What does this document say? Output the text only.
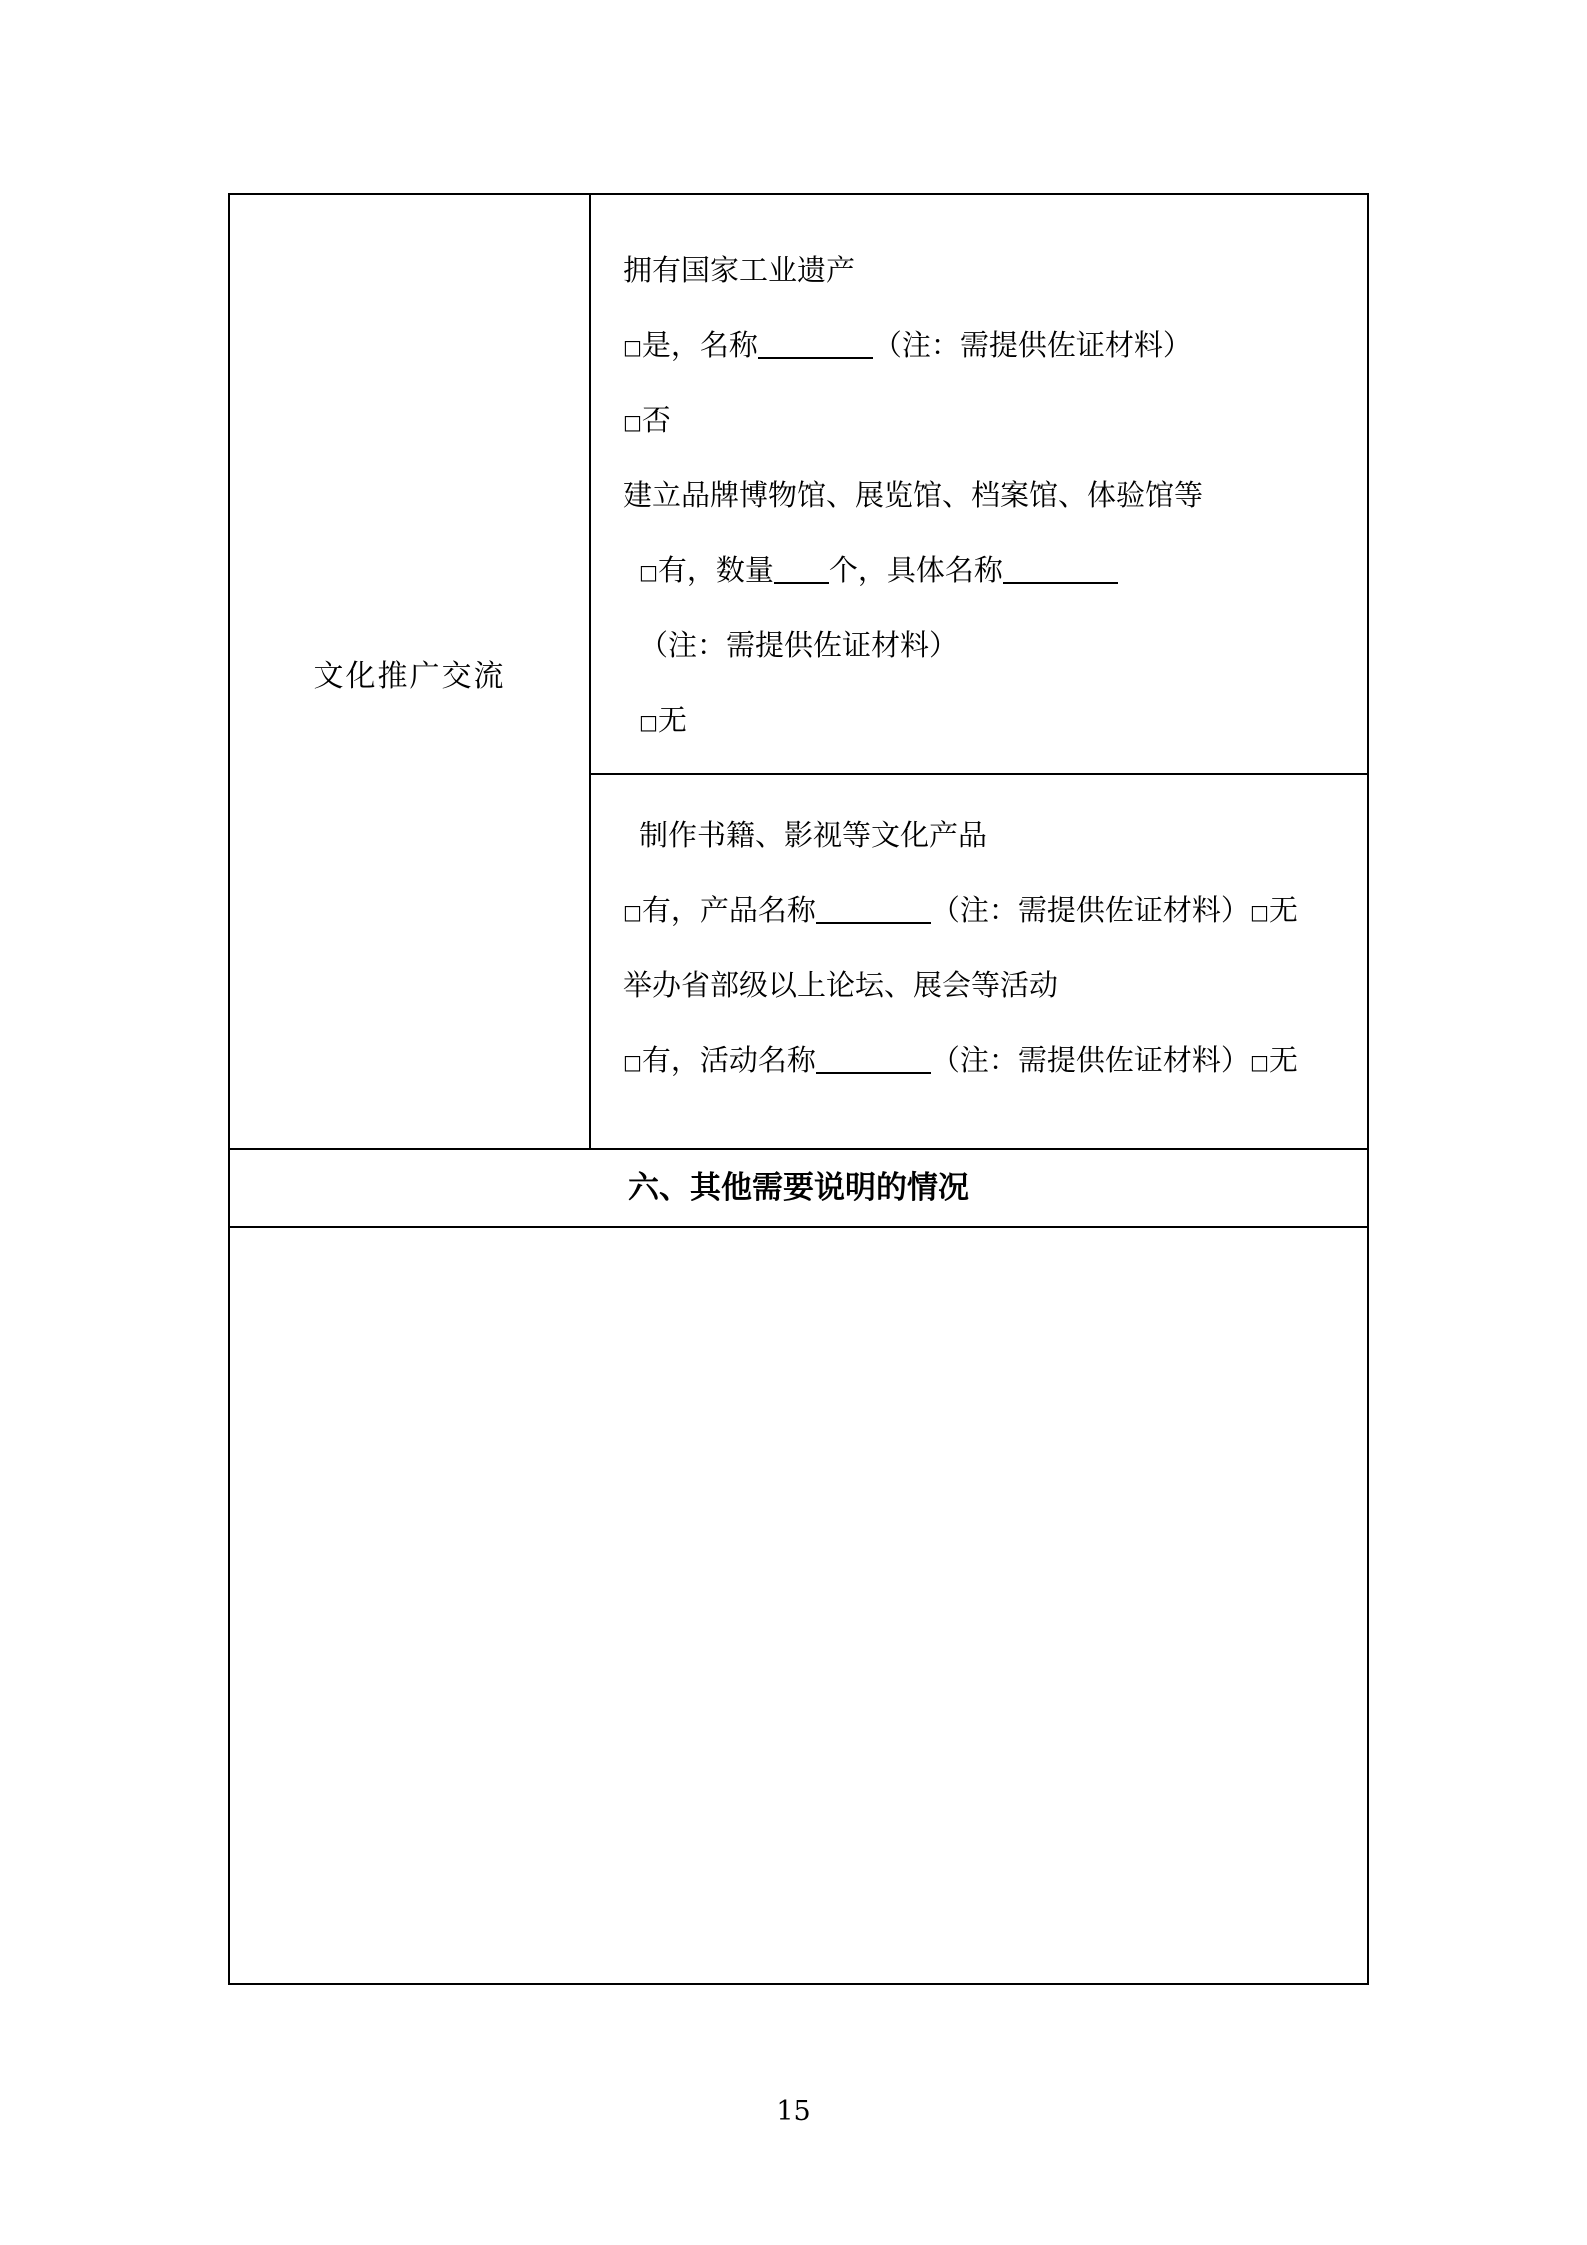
文化推广交流
拥有国家工业遗产
□是，名称	（注：需提供佐证材料）
□否
建立品牌博物馆、展览馆、档案馆、体验馆等
□有，数量 个，具体名称
（注：需提供佐证材料）
□无
制作书籍、影视等文化产品
□有，产品名称	（注：需提供佐证材料）□无
举办省部级以上论坛、展会等活动
□有，活动名称	（注：需提供佐证材料）□无
六、其他需要说明的情况
15
